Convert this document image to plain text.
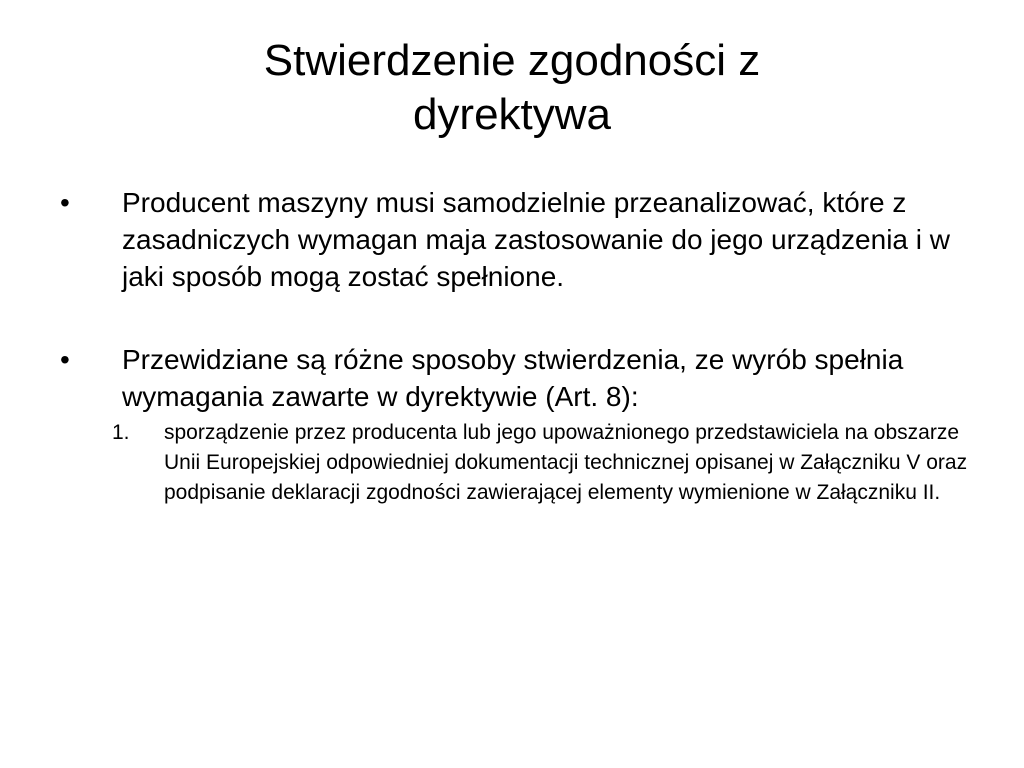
Stwierdzenie zgodności z
dyrektywa
• Producent maszyny musi samodzielnie przeanalizować, które z zasadniczych wymagan maja zastosowanie do jego urządzenia i w jaki sposób mogą zostać spełnione.
• Przewidziane są różne sposoby stwierdzenia, ze wyrób spełnia wymagania zawarte w dyrektywie (Art. 8):
1. sporządzenie przez producenta lub jego upoważnionego przedstawiciela na obszarze Unii Europejskiej odpowiedniej dokumentacji technicznej opisanej w Załączniku V oraz podpisanie deklaracji zgodności zawierającej elementy wymienione w Załączniku II.
